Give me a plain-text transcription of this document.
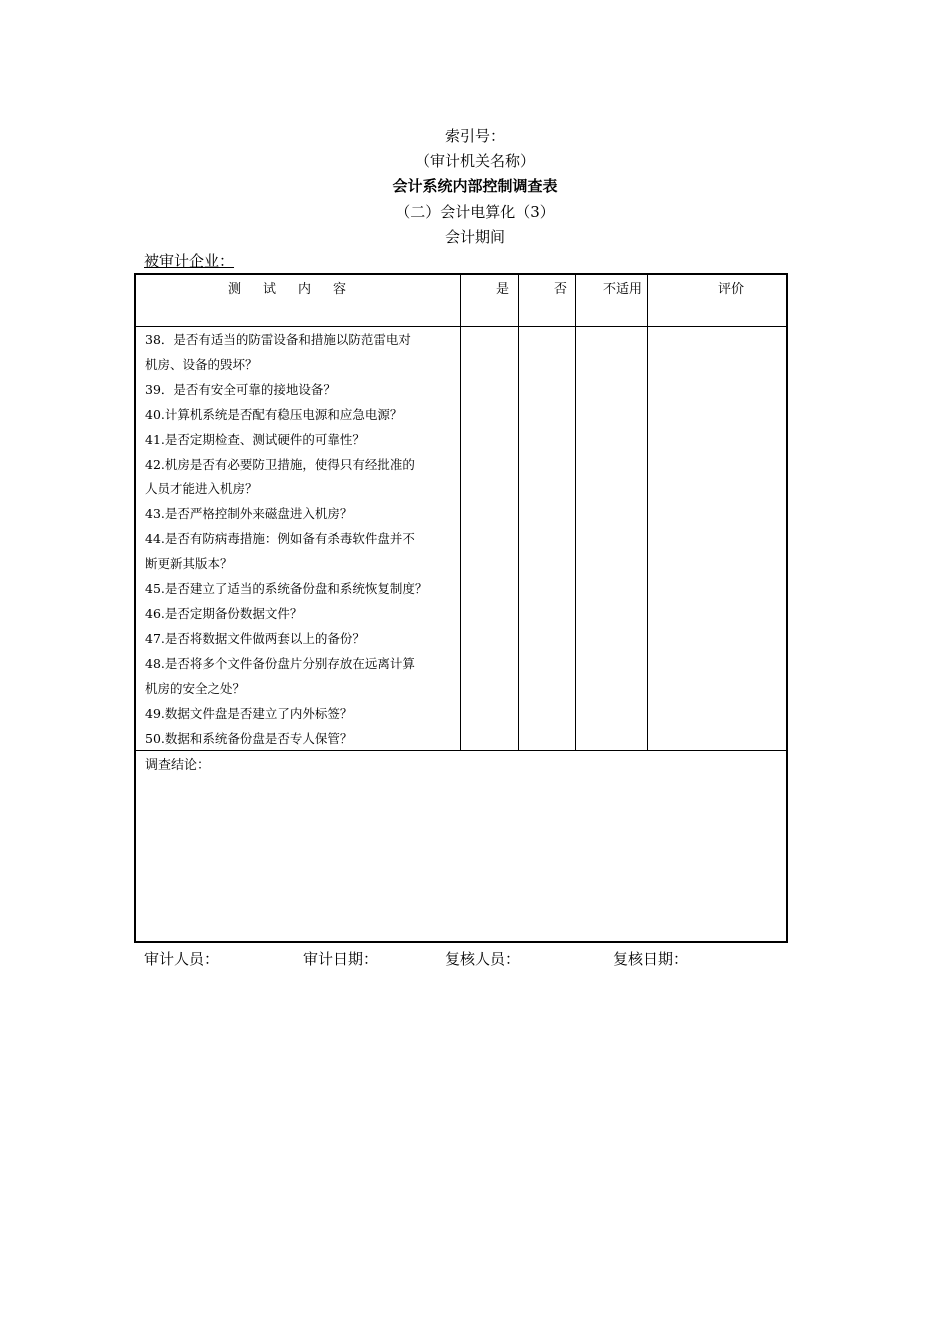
索引号：
（审计机关名称）
会计系统内部控制调查表
（二）会计电算化（3）
会计期间
被审计企业：
测试内容	是	否	不适用	评价
38．是否有适当的防雷设备和措施以防范雷电对
机房、设备的毁坏？
39．是否有安全可靠的接地设备？
40.计算机系统是否配有稳压电源和应急电源？
41.是否定期检查、测试硬件的可靠性？
42.机房是否有必要防卫措施，使得只有经批准的
人员才能进入机房？
43.是否严格控制外来磁盘进入机房？
44.是否有防病毒措施：例如备有杀毒软件盘并不
断更新其版本？
45.是否建立了适当的系统备份盘和系统恢复制度？
46.是否定期备份数据文件？
47.是否将数据文件做两套以上的备份？
48.是否将多个文件备份盘片分别存放在远离计算
机房的安全之处？
49.数据文件盘是否建立了内外标签？
50.数据和系统备份盘是否专人保管？
调查结论：
审计人员：	审计日期：	复核人员：	复核日期：
